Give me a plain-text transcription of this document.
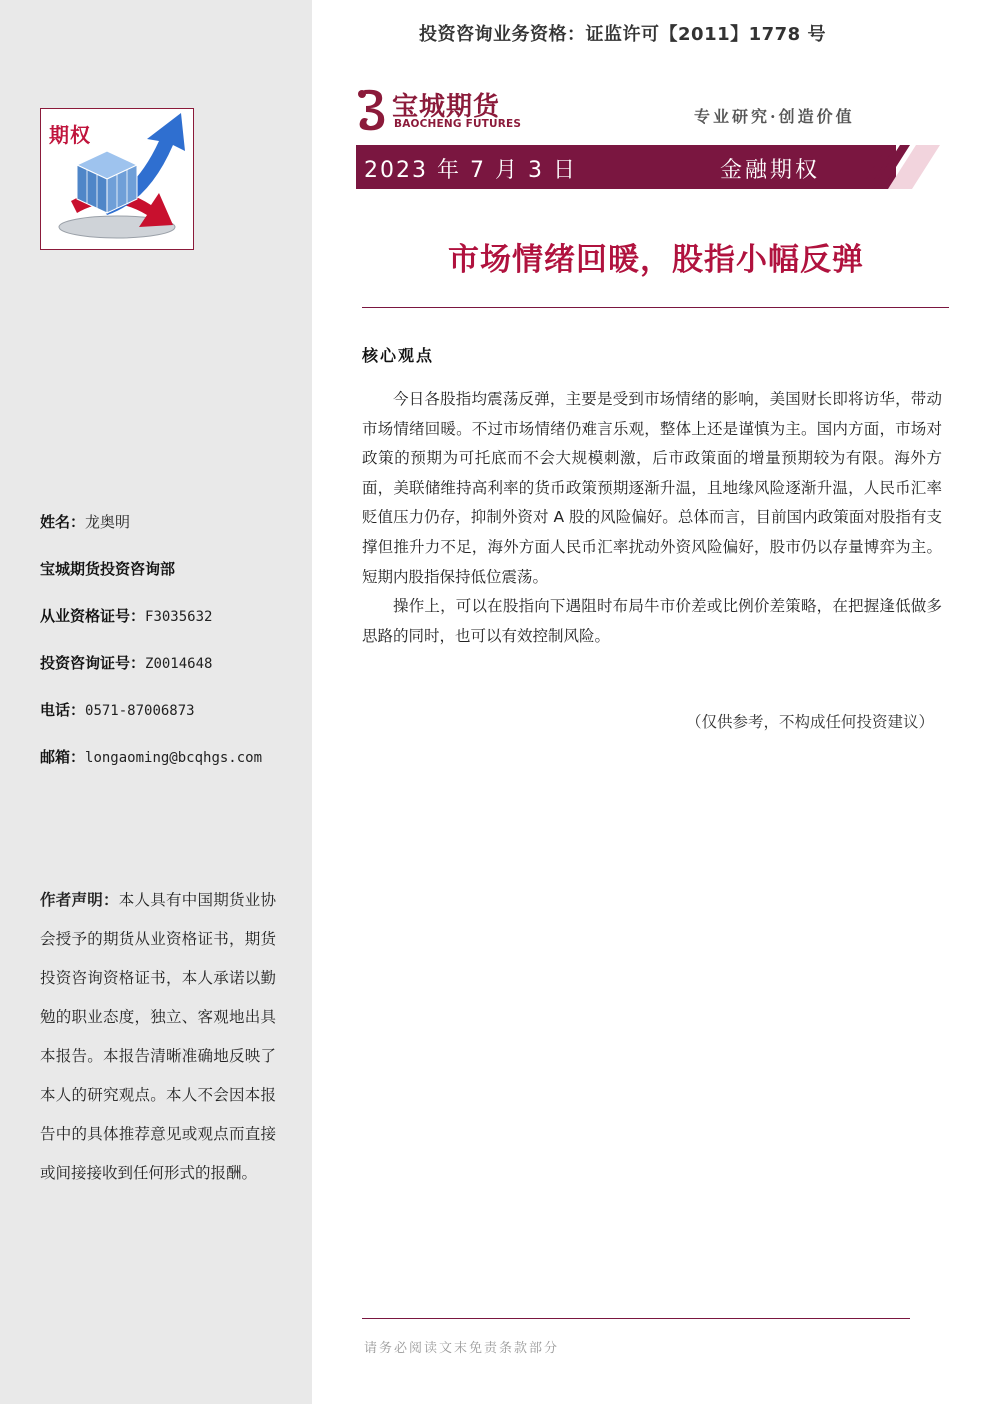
期权
姓名：龙奥明
宝城期货投资咨询部
从业资格证号：F3035632
投资咨询证号：Z0014648
电话：0571-87006873
邮箱：longaoming@bcqhgs.com
作者声明：本人具有中国期货业协会授予的期货从业资格证书，期货投资咨询资格证书，本人承诺以勤勉的职业态度，独立、客观地出具本报告。本报告清晰准确地反映了本人的研究观点。本人不会因本报告中的具体推荐意见或观点而直接或间接接收到任何形式的报酬。
投资咨询业务资格：证监许可【2011】1778 号
宝城期货
BAOCHENG FUTURES	专业研究·创造价值
2023 年 7 月 3 日	金融期权
市场情绪回暖，股指小幅反弹
核心观点

今日各股指均震荡反弹，主要是受到市场情绪的影响，美国财长即将访华，带动市场情绪回暖。不过市场情绪仍难言乐观，整体上还是谨慎为主。国内方面，市场对政策的预期为可托底而不会大规模刺激，后市政策面的增量预期较为有限。海外方面，美联储维持高利率的货币政策预期逐渐升温，且地缘风险逐渐升温，人民币汇率贬值压力仍存，抑制外资对 A 股的风险偏好。总体而言，目前国内政策面对股指有支撑但推升力不足，海外方面人民币汇率扰动外资风险偏好，股市仍以存量博弈为主。短期内股指保持低位震荡。

操作上，可以在股指向下遇阻时布局牛市价差或比例价差策略，在把握逢低做多思路的同时，也可以有效控制风险。

（仅供参考，不构成任何投资建议）
请务必阅读文末免责条款部分
